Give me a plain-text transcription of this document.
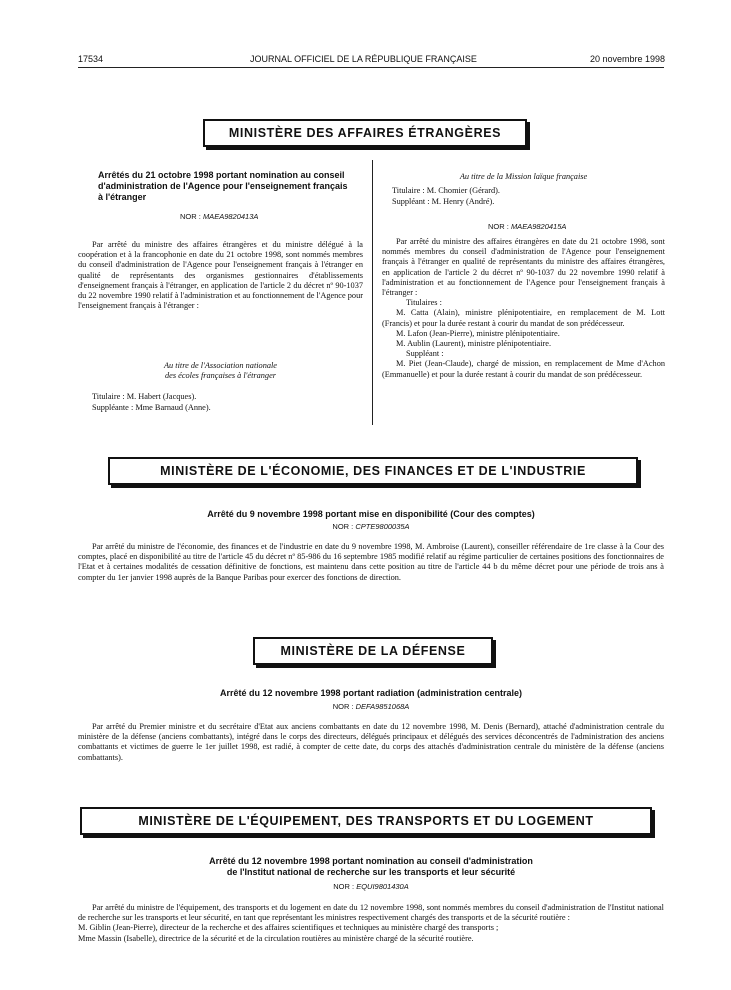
17534	JOURNAL OFFICIEL DE LA RÉPUBLIQUE FRANÇAISE	20 novembre 1998
MINISTÈRE DES AFFAIRES ÉTRANGÈRES
Arrêtés du 21 octobre 1998 portant nomination au conseil d'administration de l'Agence pour l'enseignement français à l'étranger
NOR : MAEA9820413A

Par arrêté du ministre des affaires étrangères et du ministre délégué à la coopération et à la francophonie en date du 21 octobre 1998, sont nommés membres du conseil d'administration de l'Agence pour l'enseignement français à l'étranger en qualité de représentants des organismes gestionnaires d'établissements d'enseignement français à l'étranger, en application de l'article 2 du décret nº 90-1037 du 22 novembre 1990 relatif à l'administration et au fonctionnement de l'Agence pour l'enseignement français à l'étranger :

Au titre de l'Association nationale
des écoles françaises à l'étranger
Titulaire : M. Habert (Jacques).
Suppléante : Mme Barnaud (Anne).
Au titre de la Mission laïque française
Titulaire : M. Chomier (Gérard).
Suppléant : M. Henry (André).
NOR : MAEA9820415A

Par arrêté du ministre des affaires étrangères en date du 21 octobre 1998, sont nommés membres du conseil d'administration de l'Agence pour l'enseignement français à l'étranger en qualité de représentants du ministre des affaires étrangères, en application de l'article 2 du décret nº 90-1037 du 22 novembre 1990 relatif à l'administration et au fonctionnement de l'Agence pour l'enseignement français à l'étranger :

Titulaires :

M. Catta (Alain), ministre plénipotentiaire, en remplacement de M. Lott (Francis) et pour la durée restant à courir du mandat de son prédécesseur.

M. Lafon (Jean-Pierre), ministre plénipotentiaire.

M. Aublin (Laurent), ministre plénipotentiaire.

Suppléant :

M. Piet (Jean-Claude), chargé de mission, en remplacement de Mme d'Achon (Emmanuelle) et pour la durée restant à courir du mandat de son prédécesseur.

MINISTÈRE DE L'ÉCONOMIE, DES FINANCES ET DE L'INDUSTRIE
Arrêté du 9 novembre 1998 portant mise en disponibilité (Cour des comptes)
NOR : CPTE9800035A

Par arrêté du ministre de l'économie, des finances et de l'industrie en date du 9 novembre 1998, M. Ambroise (Laurent), conseiller référendaire de 1re classe à la Cour des comptes, placé en disponibilité au titre de l'article 45 du décret nº 85-986 du 16 septembre 1985 modifié relatif au régime particulier de certaines positions des fonctionnaires de l'Etat et à certaines modalités de cessation définitive de fonctions, est maintenu dans cette position au titre de l'article 44 b du même décret pour une période de trois ans à compter du 1er janvier 1998 auprès de la Banque Paribas pour exercer des fonctions de direction.

MINISTÈRE DE LA DÉFENSE
Arrêté du 12 novembre 1998 portant radiation (administration centrale)
NOR : DEFA9851068A

Par arrêté du Premier ministre et du secrétaire d'Etat aux anciens combattants en date du 12 novembre 1998, M. Denis (Bernard), attaché d'administration centrale du ministère de la défense (anciens combattants), intégré dans le corps des directeurs, délégués principaux et délégués des services déconcentrés de l'administration des anciens combattants et victimes de guerre le 1er juillet 1998, est radié, à compter de cette date, du corps des attachés d'administration centrale du ministère de la défense (anciens combattants).

MINISTÈRE DE L'ÉQUIPEMENT, DES TRANSPORTS ET DU LOGEMENT
Arrêté du 12 novembre 1998 portant nomination au conseil d'administration
de l'Institut national de recherche sur les transports et leur sécurité
NOR : EQUI9801430A

Par arrêté du ministre de l'équipement, des transports et du logement en date du 12 novembre 1998, sont nommés membres du conseil d'administration de l'Institut national de recherche sur les transports et leur sécurité, en tant que représentant les ministres respectivement chargés des transports et de la sécurité routière :

M. Giblin (Jean-Pierre), directeur de la recherche et des affaires scientifiques et techniques au ministère chargé des transports ;

Mme Massin (Isabelle), directrice de la sécurité et de la circulation routières au ministère chargé de la sécurité routière.
